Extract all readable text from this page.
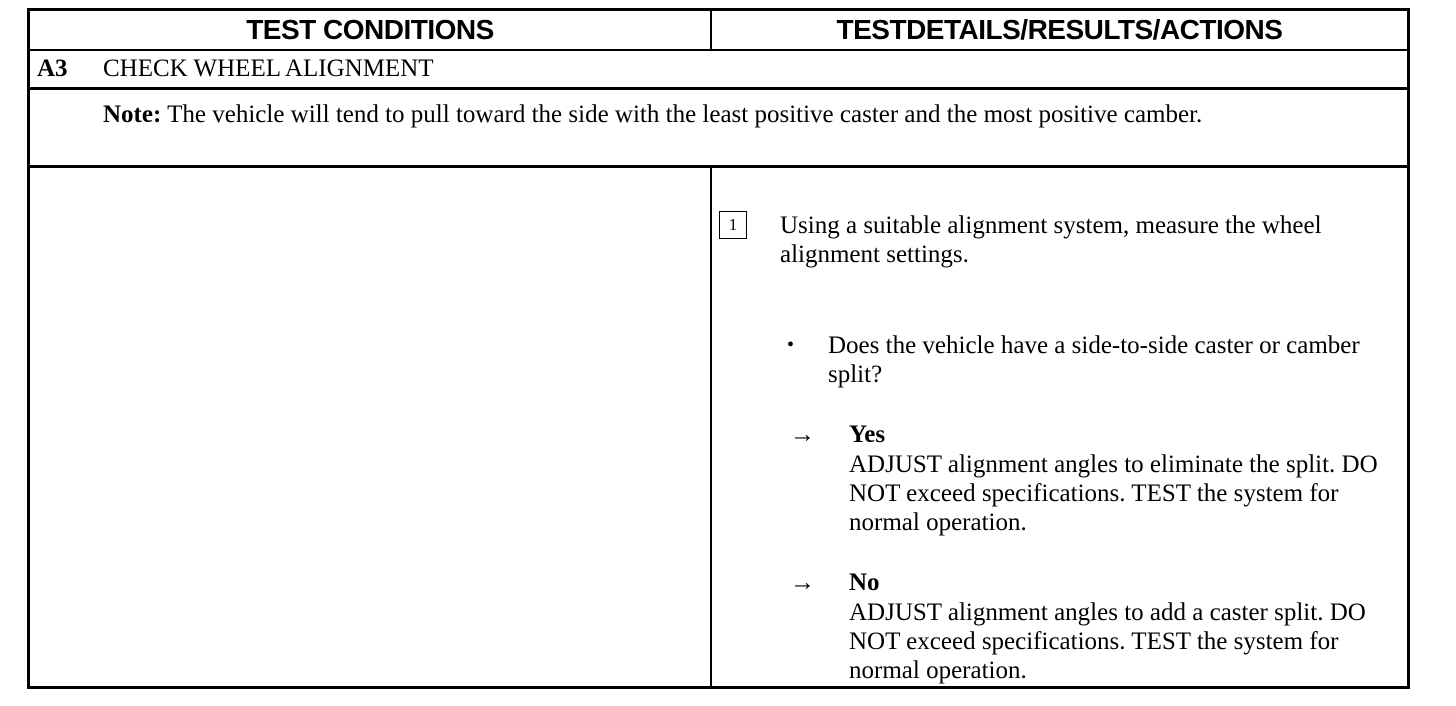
TEST CONDITIONS	TESTDETAILS/RESULTS/ACTIONS
A3 CHECK WHEEL ALIGNMENT
Note: The vehicle will tend to pull toward the side with the least positive caster and the most positive camber.
1	Using a suitable alignment system, measure the wheel alignment settings.
• Does the vehicle have a side-to-side caster or camber split?
→ Yes
ADJUST alignment angles to eliminate the split. DO NOT exceed specifications. TEST the system for normal operation.
→ No
ADJUST alignment angles to add a caster split. DO NOT exceed specifications. TEST the system for normal operation.
